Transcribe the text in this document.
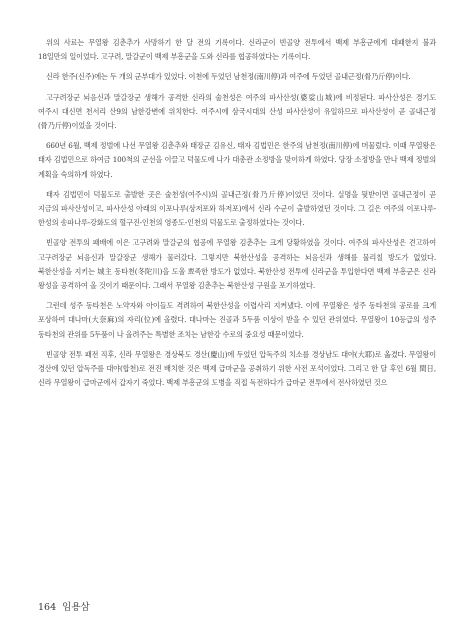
위의 사료는 무열왕 김춘추가 사망하기 한 달 전의 기록이다. 신라군이 빈골양 전투에서 백제 부흥군에게 대패한지 불과 18일만의 일이었다. 고구려, 말갈군이 백제 부흥군을 도와 신라를 협공하였다는 기록이다.

신라 한주(신주)에는 두 개의 군부대가 있었다. 이천에 두었던 남천정(南川停)과 여주에 두었던 골내근정(骨乃斤停)이다.

고구려장군 뇌음신과 말갈장군 생해가 공격한 신라의 술천성은 여주의 파사산성(婆娑山城)에 비정된다. 파사산성은 경기도 여주시 대신면 천서리 산9의 남한강변에 위치한다. 여주시에 삼국시대의 산성 파사산성이 유일하므로 파사산성이 곧 골내근정(骨乃斤停)이었을 것이다.

660년 6월, 백제 정벌에 나선 무열왕 김춘추와 태장군 김유신, 태자 김법민은 한주의 남천정(南川停)에 머물렀다. 이때 무열왕은 태자 김법민으로 하여금 100척의 군선을 이끌고 덕물도에 나가 대총관 소정방을 맞이하게 하였다. 당장 소정방을 만나 백제 정벌의 계획을 숙의하게 하였다.

태자 김법민이 덕물도로 출발한 곳은 술천성(여주시)의 골내근정(骨乃斤停)이었던 것이다. 실명을 뒷받이면 골내근정이 곧 지금의 파사산성이고, 파사산성 아래의 이포나루(상저포와 하저포)에서 신라 수군이 출발하였던 것이다. 그 길은 여주의 이포나루-한성의 송파나루-강화도의 혈구진-인천의 영종도-인천의 덕물도로 출정하였다는 것이다.

빈골양 전투의 패배에 이은 고구려와 말갈군의 협공에 무열왕 김춘추는 크게 당황하였을 것이다. 여주의 파사산성은 견고하여 고구려장군 뇌음신과 말갈장군 생해가 물러갔다. 그렇지만 북한산성을 공격하는 뇌음신과 생해를 물리칠 방도가 없었다. 북한산성을 지키는 城主 동타천(冬陀川)을 도울 뾰족한 방도가 없었다. 북한산성 전투에 신라군을 투입한다면 백제 부흥군은 신라 왕성을 공격하여 올 것이기 때문이다. 그래서 무열왕 김춘추는 북한산성 구원을 포기하였다.

그런데 성주 동타천은 노약자와 아이들도 격려하여 북한산성을 이렵사리 지켜냈다. 이에 무열왕은 성주 동타천의 공로를 크게 포상하여 대나마(大奈麻)의 자리(位)에 올렸다. 대나마는 진골과 5두품 이상이 받을 수 있던 관위였다. 무열왕이 10등급의 성주 동타천의 관위를 5두품이 나 올려주는 특별한 조치는 남한강 수로의 중요성 때문이었다.

빈골양 전투 패전 직후, 신라 무열왕은 경상북도 경산(慶山)에 두었던 압독주의 치소를 경상남도 대야(大耶)로 옮겼다. 무열왕이 경산에 있던 압독주를 대야(합천)로 전진 배치한 것은 백제 급마군을 공취하기 위한 사전 포석이었다. 그리고 한 달 후인 6월 閏日, 신라 무열왕이 급마군에서 갑자기 죽었다. 백제 부흥군의 도병을 직접 독전하다가 급마군 전투에서 전사하였던 것으

164 임용삼
